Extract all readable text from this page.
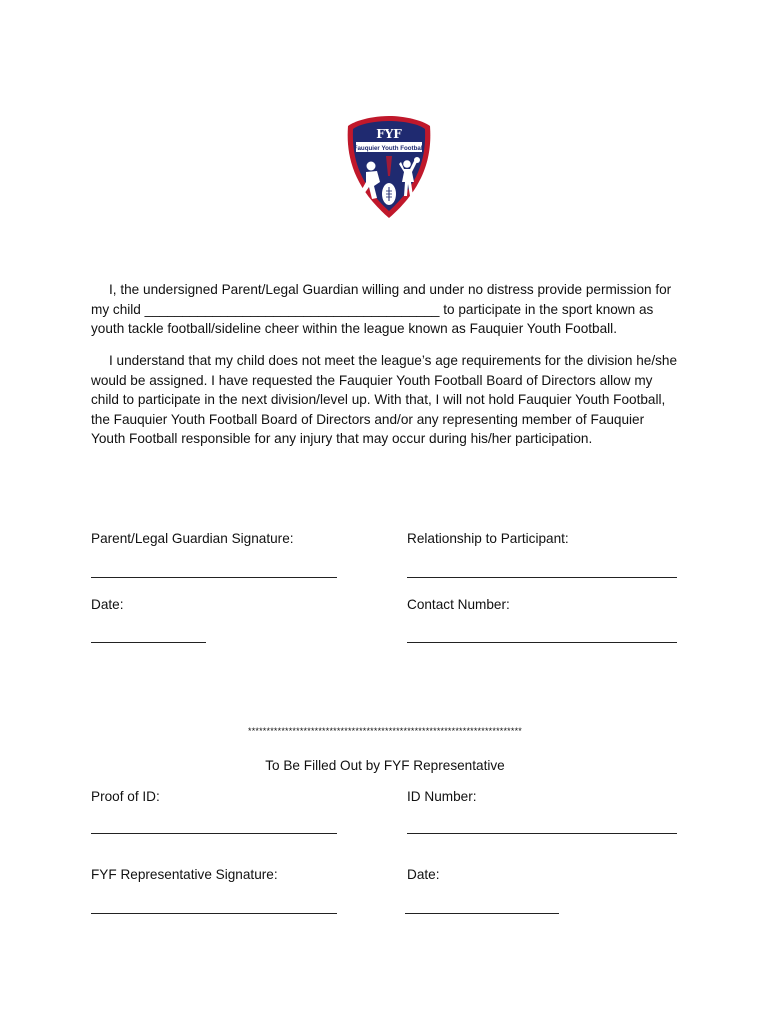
FYF
Fauquier Youth Football

I, the undersigned Parent/Legal Guardian willing and under no distress provide permission for my child _______________________________________ to participate in the sport known as youth tackle football/sideline cheer within the league known as Fauquier Youth Football.

I understand that my child does not meet the league’s age requirements for the division he/she would be assigned. I have requested the Fauquier Youth Football Board of Directors allow my child to participate in the next division/level up. With that, I will not hold Fauquier Youth Football, the Fauquier Youth Football Board of Directors and/or any representing member of Fauquier Youth Football responsible for any injury that may occur during his/her participation.

Parent/Legal Guardian Signature:	Relationship to Participant:
Date:	Contact Number:
**************************************************************************
To Be Filled Out by FYF Representative
Proof of ID:	ID Number:
FYF Representative Signature:	Date:
